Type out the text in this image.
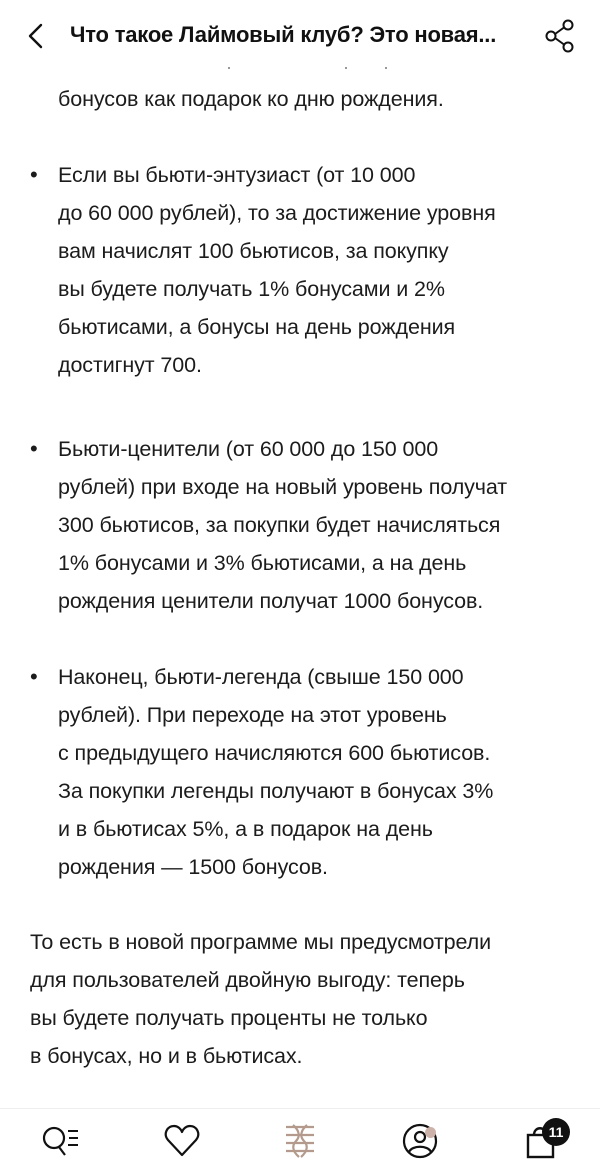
Что такое Лаймовый клуб? Это новая...
бонусов как подарок ко дню рождения.
• Если вы бьюти-энтузиаст (от 10 000
до 60 000 рублей), то за достижение уровня
вам начислят 100 бьютисов, за покупку
вы будете получать 1% бонусами и 2%
бьютисами, а бонусы на день рождения
достигнут 700.
• Бьюти-ценители (от 60 000 до 150 000
рублей) при входе на новый уровень получат
300 бьютисов, за покупки будет начисляться
1% бонусами и 3% бьютисами, а на день
рождения ценители получат 1000 бонусов.
• Наконец, бьюти-легенда (свыше 150 000
рублей). При переходе на этот уровень
с предыдущего начисляются 600 бьютисов.
За покупки легенды получают в бонусах 3%
и в бьютисах 5%, а в подарок на день
рождения — 1500 бонусов.
То есть в новой программе мы предусмотрели
для пользователей двойную выгоду: теперь
вы будете получать проценты не только
в бонусах, но и в бьютисах.
11
